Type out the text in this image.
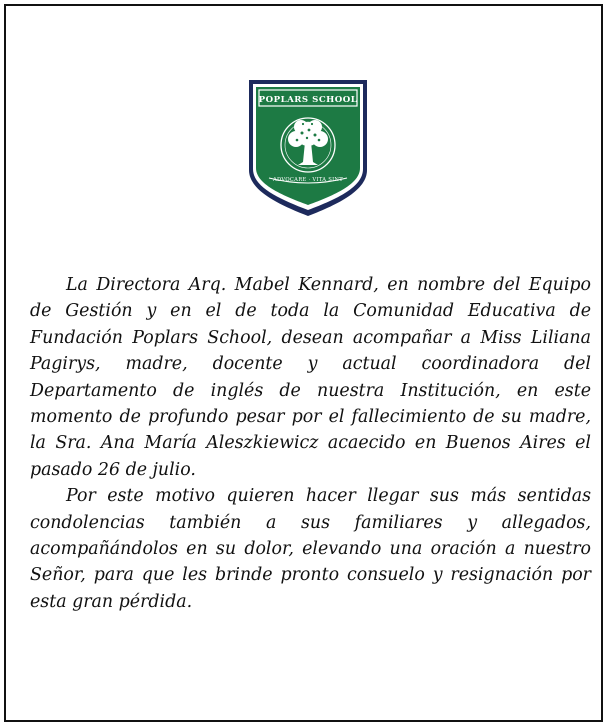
POPLARS SCHOOL
ADVOCARE · VITA SINT

La Directora Arq. Mabel Kennard, en nombre del Equipo de Gestión y en el de toda la Comunidad Educativa de Fundación Poplars School, desean acompañar a Miss Liliana Pagirys, madre, docente y actual coordinadora del Departamento de inglés de nuestra Institución, en este momento de profundo pesar por el fallecimiento de su madre, la Sra. Ana María Aleszkiewicz acaecido en Buenos Aires el pasado 26 de julio.

Por este motivo quieren hacer llegar sus más sentidas condolencias también a sus familiares y allegados, acompañándolos en su dolor, elevando una oración a nuestro Señor, para que les brinde pronto consuelo y resignación por esta gran pérdida.
